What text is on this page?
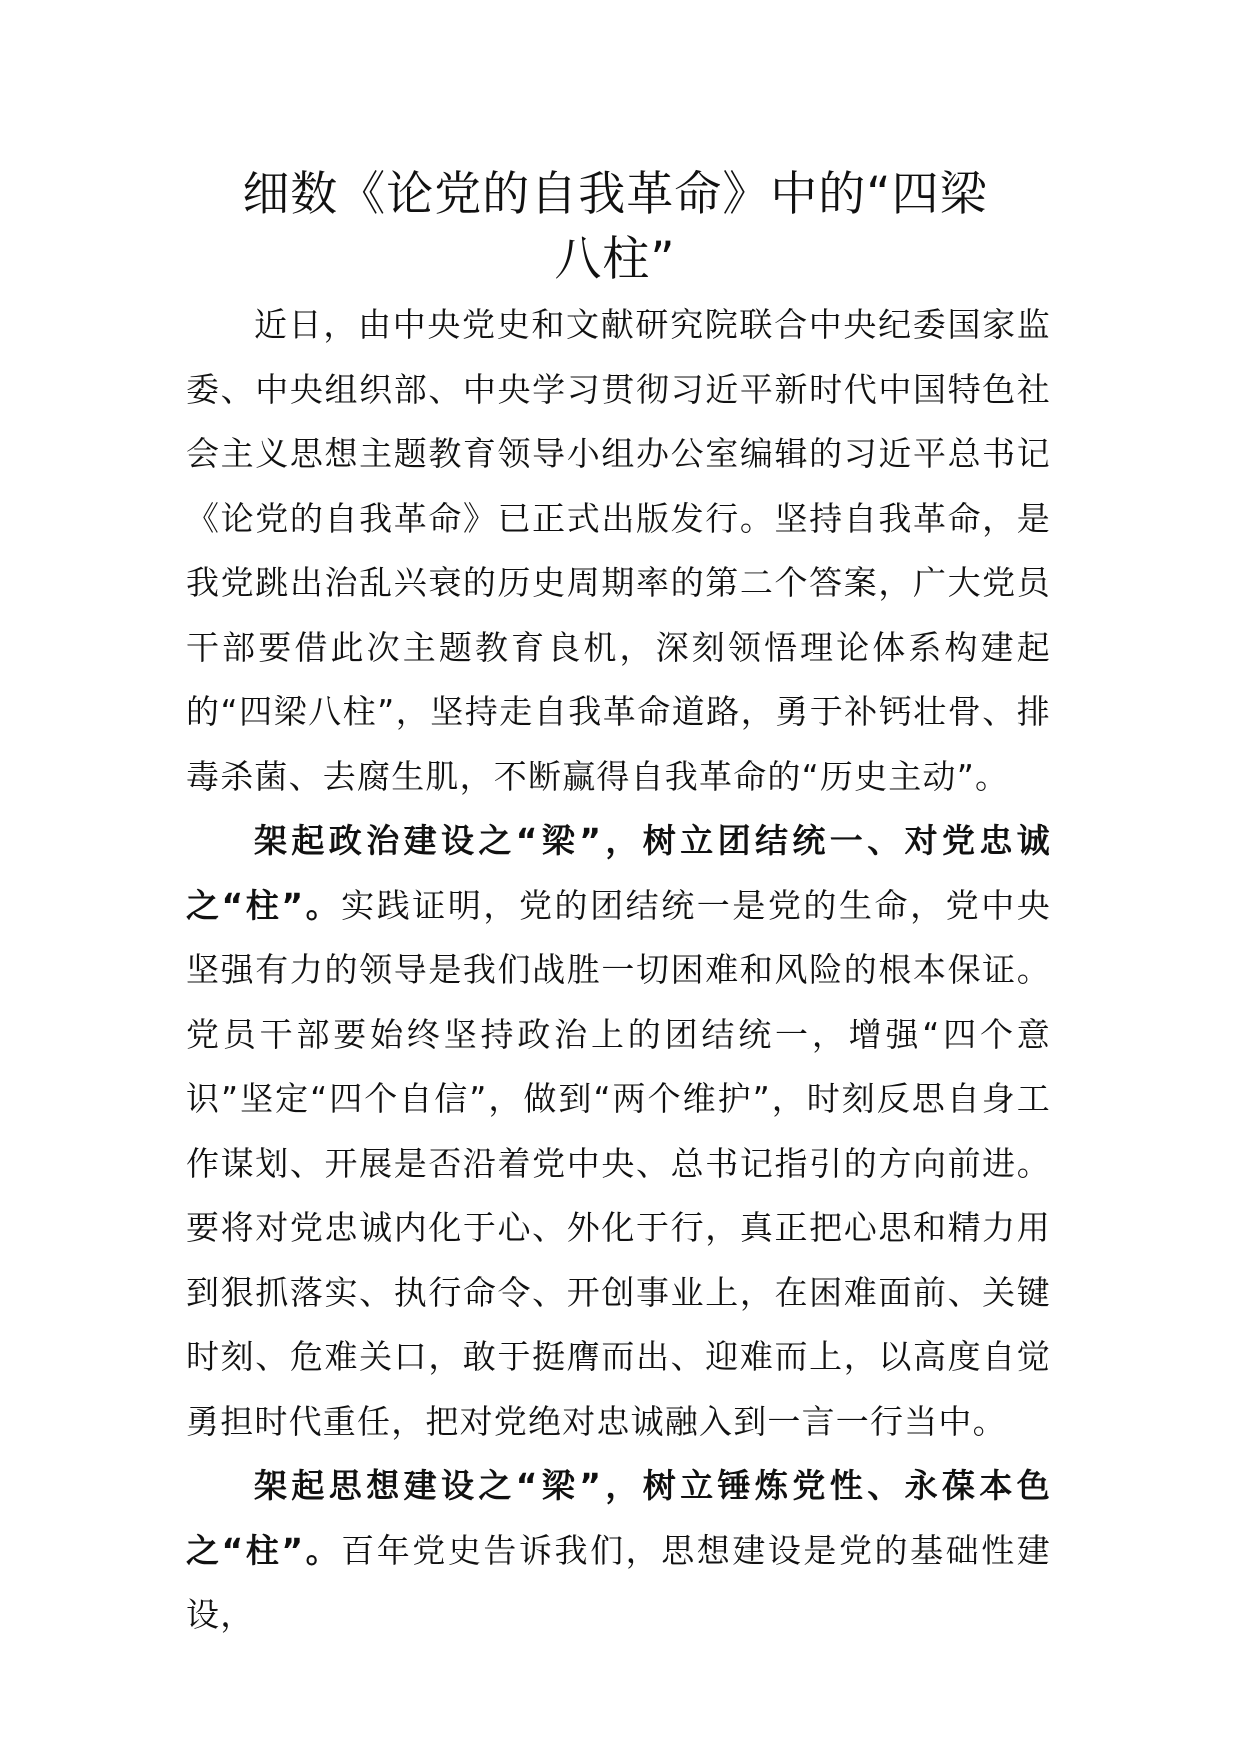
细数《论党的自我革命》中的“四梁八柱”

近日，由中央党史和文献研究院联合中央纪委国家监委、中央组织部、中央学习贯彻习近平新时代中国特色社会主义思想主题教育领导小组办公室编辑的习近平总书记《论党的自我革命》已正式出版发行。坚持自我革命，是我党跳出治乱兴衰的历史周期率的第二个答案，广大党员干部要借此次主题教育良机，深刻领悟理论体系构建起的“四梁八柱”，坚持走自我革命道路，勇于补钙壮骨、排毒杀菌、去腐生肌，不断赢得自我革命的“历史主动”。

架起政治建设之“梁”，树立团结统一、对党忠诚之“柱”。实践证明，党的团结统一是党的生命，党中央坚强有力的领导是我们战胜一切困难和风险的根本保证。党员干部要始终坚持政治上的团结统一，增强“四个意识”坚定“四个自信”，做到“两个维护”，时刻反思自身工作谋划、开展是否沿着党中央、总书记指引的方向前进。要将对党忠诚内化于心、外化于行，真正把心思和精力用到狠抓落实、执行命令、开创事业上，在困难面前、关键时刻、危难关口，敢于挺膺而出、迎难而上，以高度自觉勇担时代重任，把对党绝对忠诚融入到一言一行当中。

架起思想建设之“梁”，树立锤炼党性、永葆本色之“柱”。百年党史告诉我们，思想建设是党的基础性建设，
